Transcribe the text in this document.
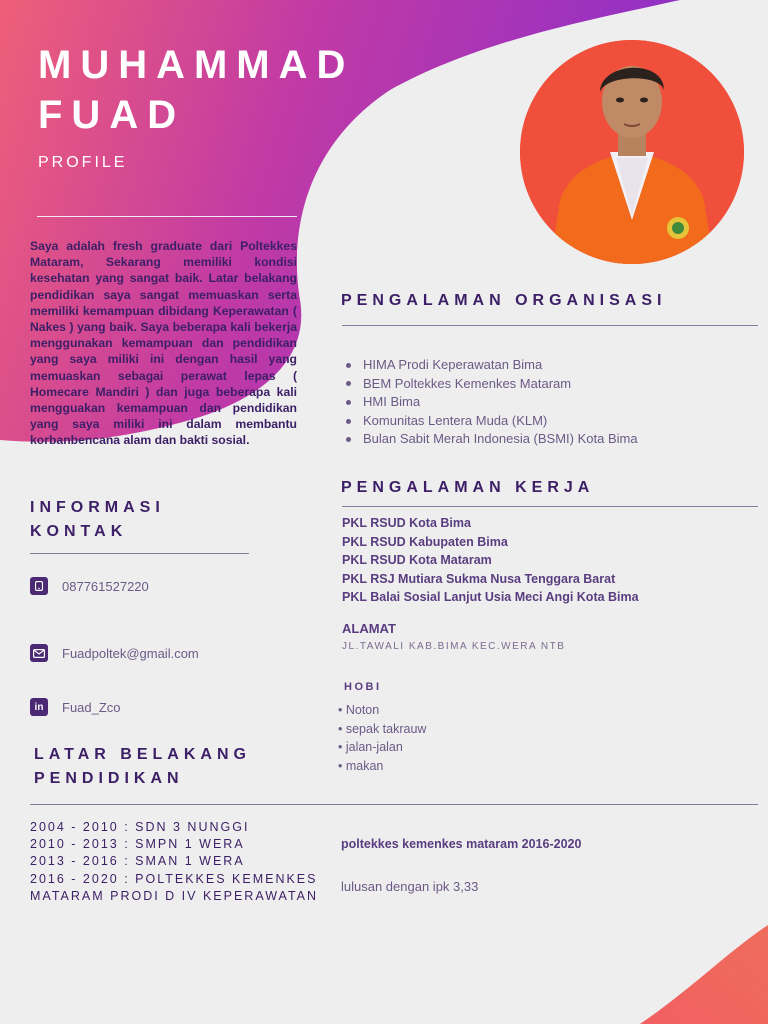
MUHAMMAD
FUAD
PROFILE
Saya adalah fresh graduate dari Poltekkes Mataram, Sekarang memiliki kondisi kesehatan yang sangat baik. Latar belakang pendidikan saya sangat memuaskan serta memiliki kemampuan dibidang Keperawatan ( Nakes ) yang baik. Saya beberapa kali bekerja menggunakan kemampuan dan pendidikan yang saya miliki ini dengan hasil yang memuaskan sebagai perawat lepas ( Homecare Mandiri ) dan juga beberapa kali mengguakan kemampuan dan pendidikan yang saya miliki ini dalam membantu korbanbencana alam dan bakti sosial.
INFORMASI
KONTAK
087761527220
Fuadpoltek@gmail.com
in	Fuad_Zco
LATAR BELAKANG
PENDIDIKAN
2004 - 2010 : SDN 3 NUNGGI
2010 - 2013 : SMPN 1 WERA
2013 - 2016 : SMAN 1 WERA
2016 - 2020 : POLTEKKES KEMENKES
MATARAM PRODI D IV KEPERAWATAN
poltekkes kemenkes mataram 2016-2020
lulusan dengan ipk 3,33
PENGALAMAN ORGANISASI
HIMA Prodi Keperawatan Bima
BEM Poltekkes Kemenkes Mataram
HMI Bima
Komunitas Lentera Muda (KLM)
Bulan Sabit Merah Indonesia (BSMI) Kota Bima
PENGALAMAN KERJA
PKL RSUD Kota Bima
PKL RSUD Kabupaten Bima
PKL RSUD Kota Mataram
PKL RSJ Mutiara Sukma Nusa Tenggara Barat
PKL Balai Sosial Lanjut Usia Meci Angi Kota Bima
ALAMAT
JL.TAWALI KAB.BIMA KEC.WERA NTB
HOBI
• Noton
• sepak takrauw
• jalan-jalan
• makan
